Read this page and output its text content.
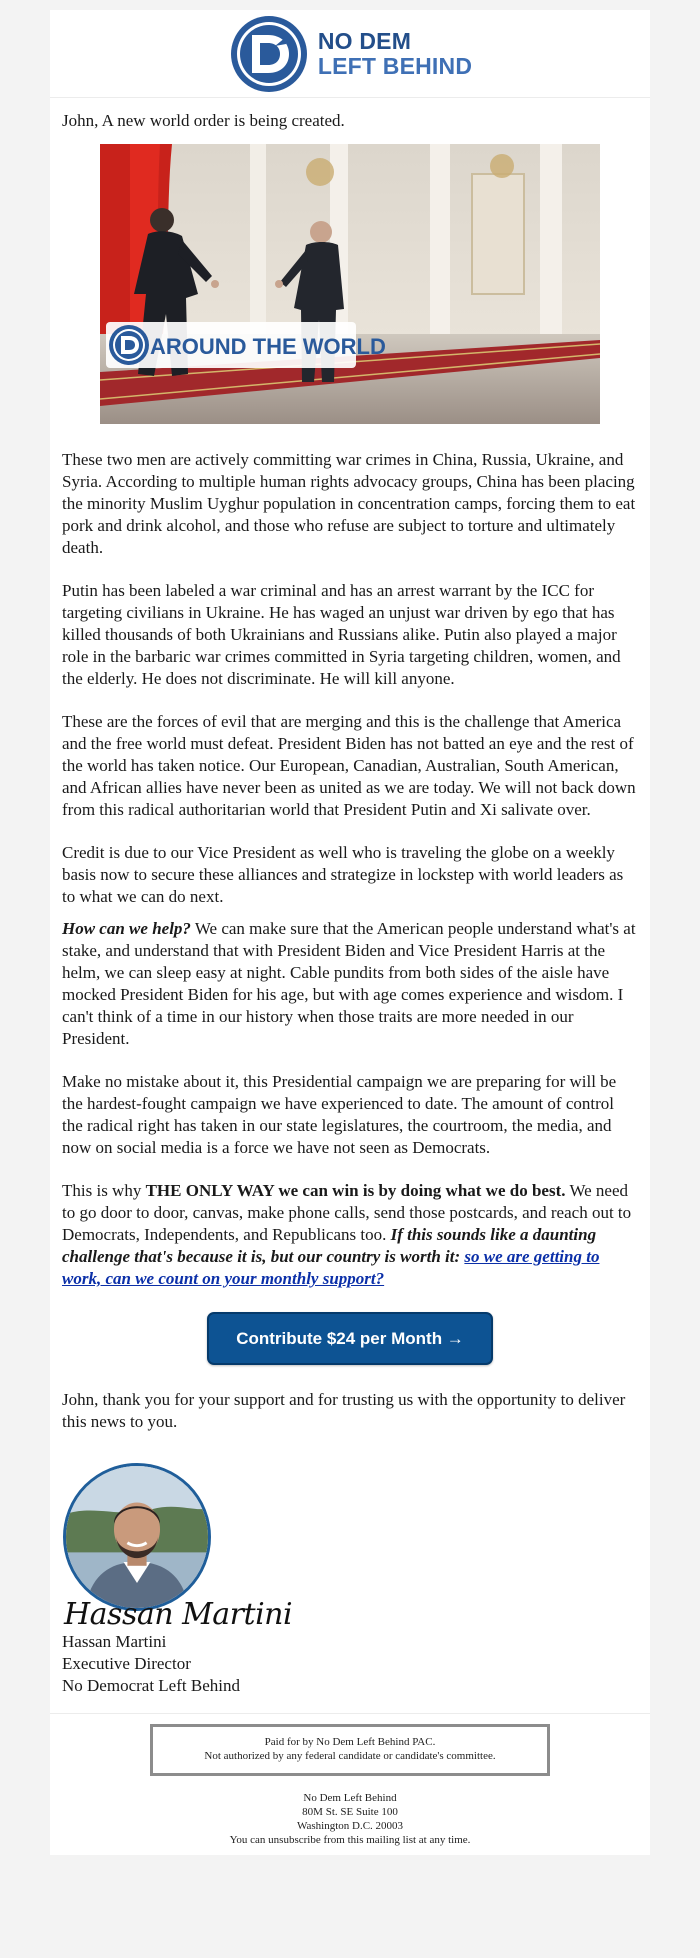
NO DEM
LEFT BEHIND

John, A new world order is being created.

AROUND THE WORLD

These two men are actively committing war crimes in China, Russia, Ukraine, and Syria. According to multiple human rights advocacy groups, China has been placing the minority Muslim Uyghur population in concentration camps, forcing them to eat pork and drink alcohol, and those who refuse are subject to torture and ultimately death.

Putin has been labeled a war criminal and has an arrest warrant by the ICC for targeting civilians in Ukraine. He has waged an unjust war driven by ego that has killed thousands of both Ukrainians and Russians alike. Putin also played a major role in the barbaric war crimes committed in Syria targeting children, women, and the elderly. He does not discriminate. He will kill anyone.

These are the forces of evil that are merging and this is the challenge that America and the free world must defeat. President Biden has not batted an eye and the rest of the world has taken notice. Our European, Canadian, Australian, South American, and African allies have never been as united as we are today. We will not back down from this radical authoritarian world that President Putin and Xi salivate over.

Credit is due to our Vice President as well who is traveling the globe on a weekly basis now to secure these alliances and strategize in lockstep with world leaders as to what we can do next.

How can we help? We can make sure that the American people understand what's at stake, and understand that with President Biden and Vice President Harris at the helm, we can sleep easy at night. Cable pundits from both sides of the aisle have mocked President Biden for his age, but with age comes experience and wisdom. I can't think of a time in our history when those traits are more needed in our President.

Make no mistake about it, this Presidential campaign we are preparing for will be the hardest-fought campaign we have experienced to date. The amount of control the radical right has taken in our state legislatures, the courtroom, the media, and now on social media is a force we have not seen as Democrats.

This is why THE ONLY WAY we can win is by doing what we do best. We need to go door to door, canvas, make phone calls, send those postcards, and reach out to Democrats, Independents, and Republicans too. If this sounds like a daunting challenge that's because it is, but our country is worth it: so we are getting to work, can we count on your monthly support?

Contribute $24 per Month →

John, thank you for your support and for trusting us with the opportunity to deliver this news to you.

Hassan Martini
Hassan Martini
Executive Director
No Democrat Left Behind
Paid for by No Dem Left Behind PAC.
Not authorized by any federal candidate or candidate's committee.
No Dem Left Behind
80M St. SE Suite 100
Washington D.C. 20003
You can unsubscribe from this mailing list at any time.
